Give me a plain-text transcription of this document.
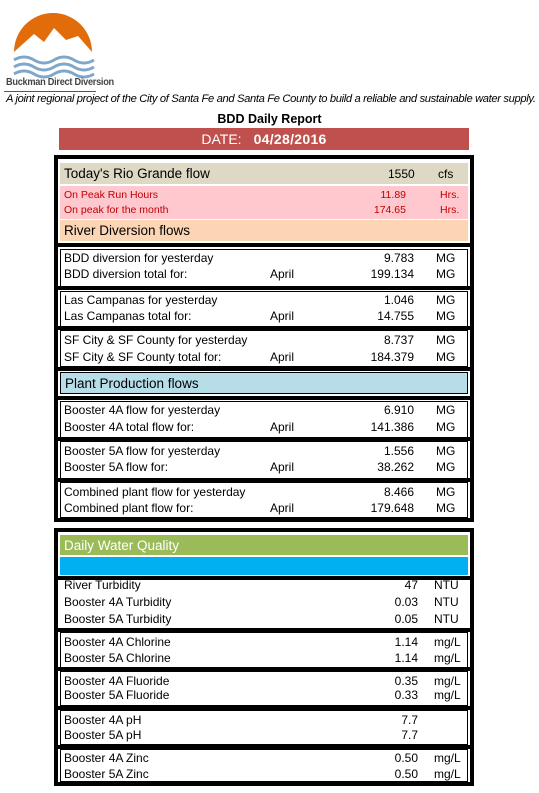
Buckman Direct Diversion
A joint regional project of the City of Santa Fe and Santa Fe County to build a reliable and sustainable water supply.
BDD Daily Report
DATE: 04/28/2016
Today's Rio Grande flow	1550 cfs
On Peak Run Hours	11.89	Hrs.
On peak for the month	174.65	Hrs.
River Diversion flows
BDD diversion for yesterday	9.783 MG
BDD diversion total for:	April	199.134 MG
Las Campanas for yesterday	1.046 MG
Las Campanas total for:	April	14.755 MG
SF City & SF County for yesterday	8.737 MG
SF City & SF County total for:	April	184.379 MG
Plant Production flows
Booster 4A flow for yesterday	6.910 MG
Booster 4A total flow for:	April	141.386 MG
Booster 5A flow for yesterday	1.556 MG
Booster 5A flow for:	April	38.262 MG
Combined plant flow for yesterday	8.466 MG
Combined plant flow for:	April	179.648 MG
Daily Water Quality
River Turbidity	47 NTU
Booster 4A Turbidity	0.03 NTU
Booster 5A Turbidity	0.05 NTU
Booster 4A Chlorine	1.14 mg/L
Booster 5A Chlorine	1.14 mg/L
Booster 4A Fluoride	0.35 mg/L
Booster 5A Fluoride	0.33 mg/L
Booster 4A pH	7.7
Booster 5A pH	7.7
Booster 4A Zinc	0.50 mg/L
Booster 5A Zinc	0.50 mg/L
